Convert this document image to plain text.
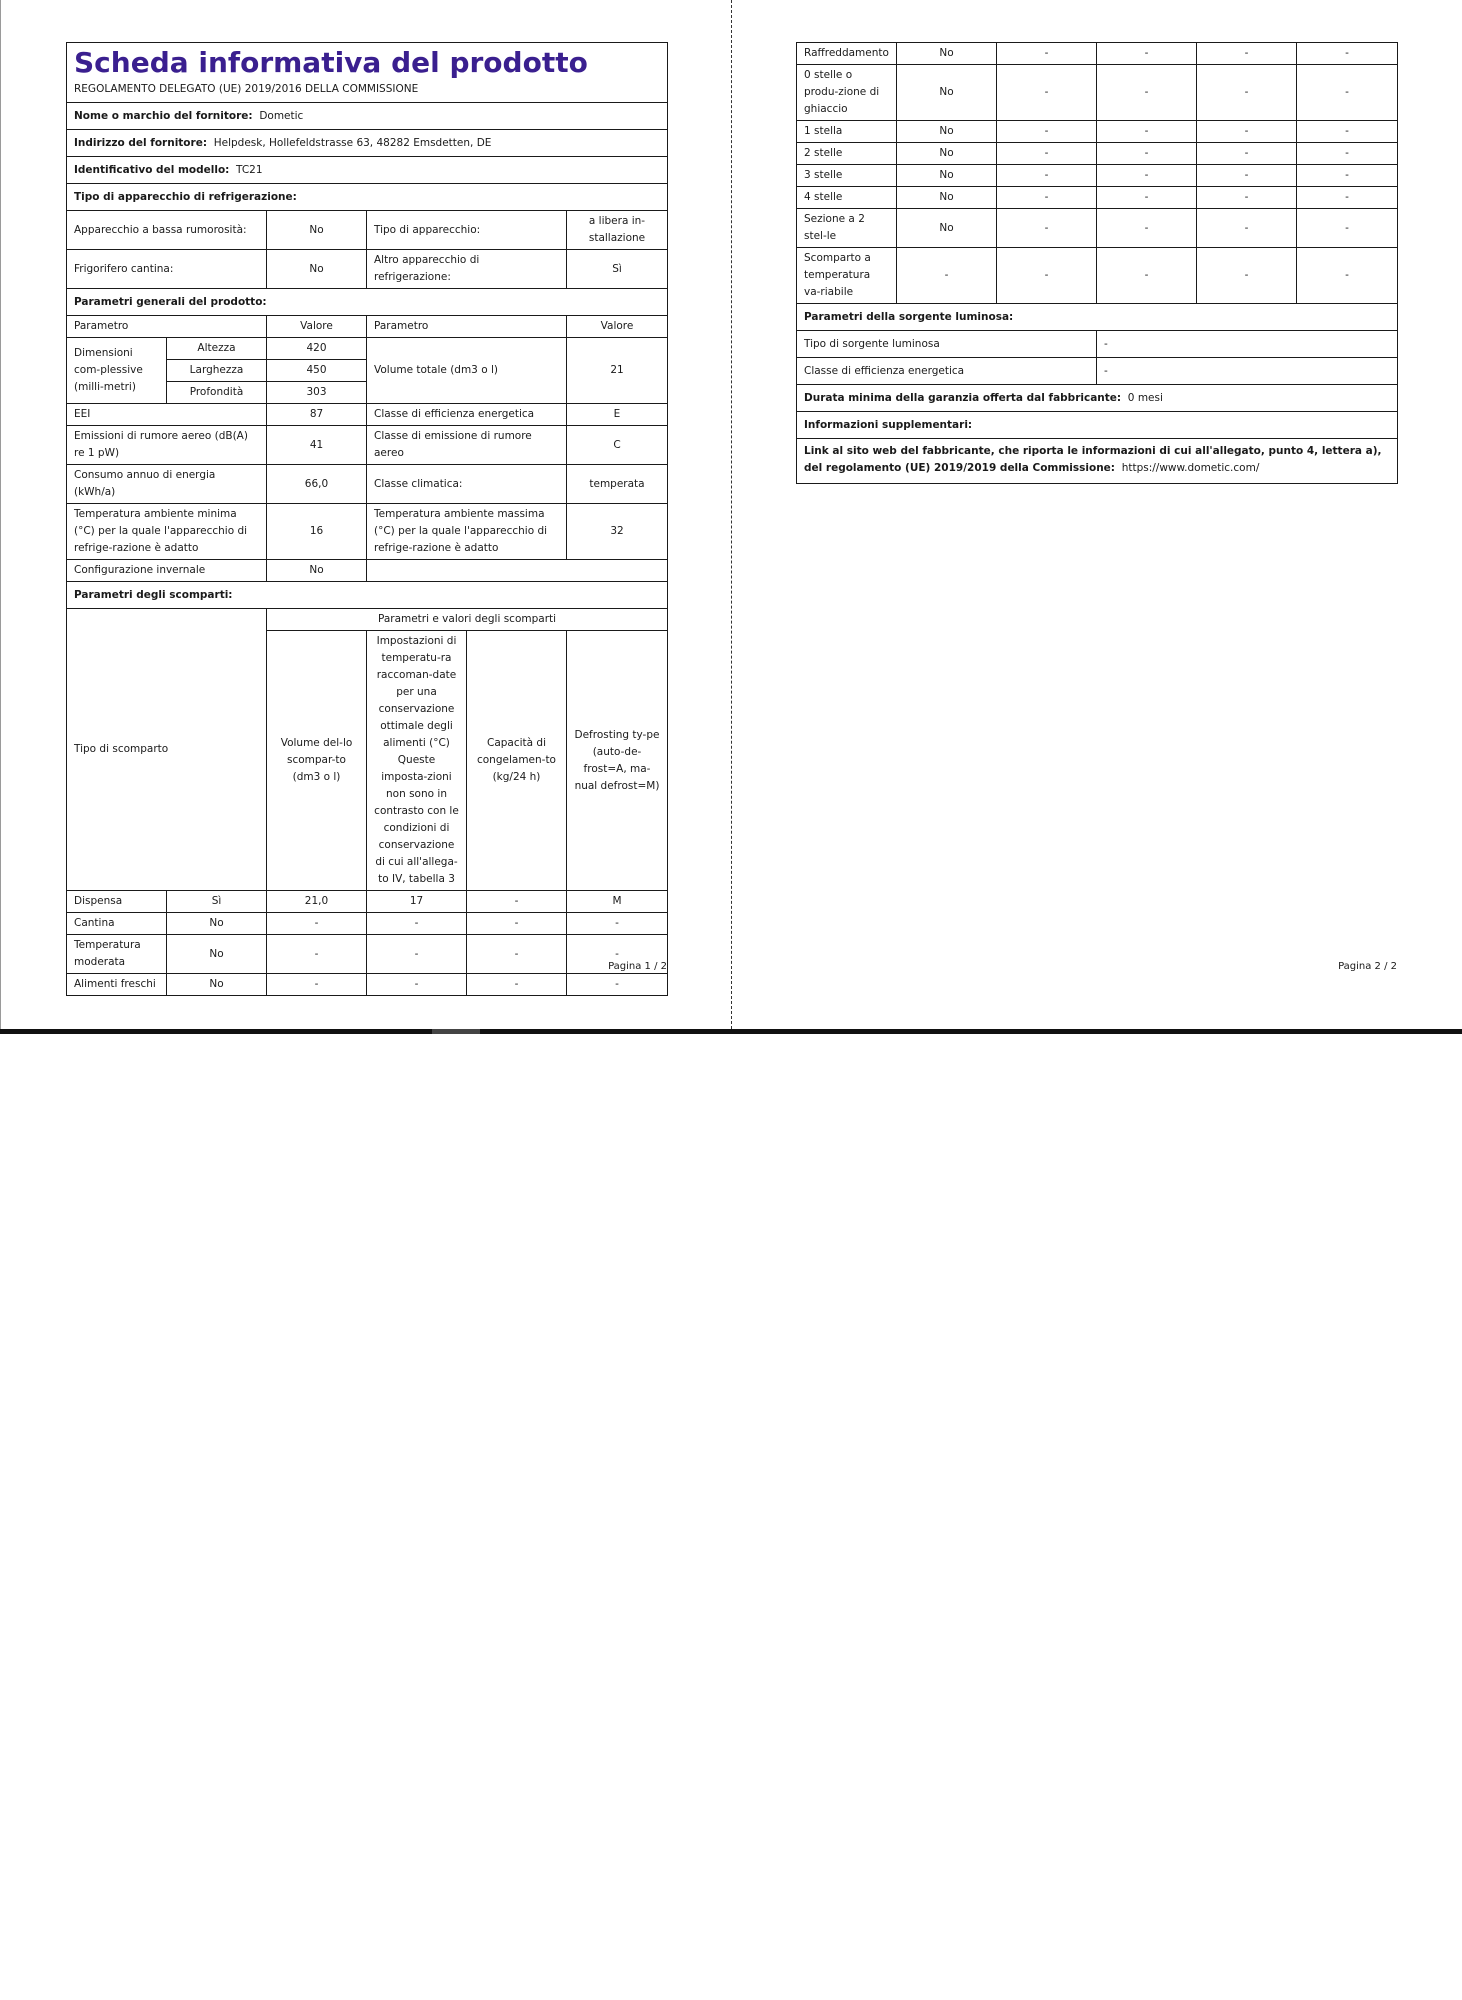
Scheda informativa del prodotto
REGOLAMENTO DELEGATO (UE) 2019/2016 DELLA COMMISSIONE					

Nome o marchio del fornitore: Dometic					
Indirizzo del fornitore: Helpdesk, Hollefeldstrasse 63, 48282 Emsdetten, DE					
Identificativo del modello: TC21					
Tipo di apparecchio di refrigerazione:					
Apparecchio a bassa rumorosità:		No	Tipo di apparecchio:		a libera in-stallazione
Frigorifero cantina:		No	Altro apparecchio di refrigerazione:		Sì
Parametri generali del prodotto:					
Parametro		Valore	Parametro		Valore
Dimensioni com-plessive (milli-metri)	Altezza	420	Volume totale (dm3 o l)		21
	Larghezza	450			
	Profondità	303			
EEI		87	Classe di efficienza energetica		E
Emissioni di rumore aereo (dB(A) re 1 pW)		41	Classe di emissione di rumore aereo		C
Consumo annuo di energia (kWh/a)		66,0	Classe climatica:		temperata
Temperatura ambiente minima (°C) per la quale l'apparecchio di refrige-razione è adatto		16	Temperatura ambiente massima (°C) per la quale l'apparecchio di refrige-razione è adatto		32
Configurazione invernale		No			
Parametri degli scomparti:					
Tipo di scomparto		Parametri e valori degli scomparti			
		Volume del-lo scompar-to (dm3 o l)	Impostazioni di temperatu-ra raccoman-date per una conservazione ottimale degli alimenti (°C) Queste imposta-zioni non sono in contrasto con le condizioni di conservazione di cui all'allega-to IV, tabella 3	Capacità di congelamen-to (kg/24 h)	Defrosting ty-pe (auto-de-frost=A, ma-nual defrost=M)
Dispensa	Sì	21,0	17	-	M
Cantina	No	-	-	-	-
Temperatura moderata	No	-	-	-	-
Alimenti freschi	No	-	-	-	-
Pagina 1 / 2
Raffreddamento	No	-	-	-	-
0 stelle o produ-zione di ghiaccio	No	-	-	-	-
1 stella	No	-	-	-	-
2 stelle	No	-	-	-	-
3 stelle	No	-	-	-	-
4 stelle	No	-	-	-	-
Sezione a 2 stel-le	No	-	-	-	-
Scomparto a temperatura va-riabile	-	-	-	-	-
Parametri della sorgente luminosa:					
Tipo di sorgente luminosa			-		
Classe di efficienza energetica			-		
Durata minima della garanzia offerta dal fabbricante: 0 mesi					
Informazioni supplementari:					
Link al sito web del fabbricante, che riporta le informazioni di cui all'allegato, punto 4, lettera a), del regolamento (UE) 2019/2019 della Commissione: https://www.dometic.com/					
Pagina 2 / 2
